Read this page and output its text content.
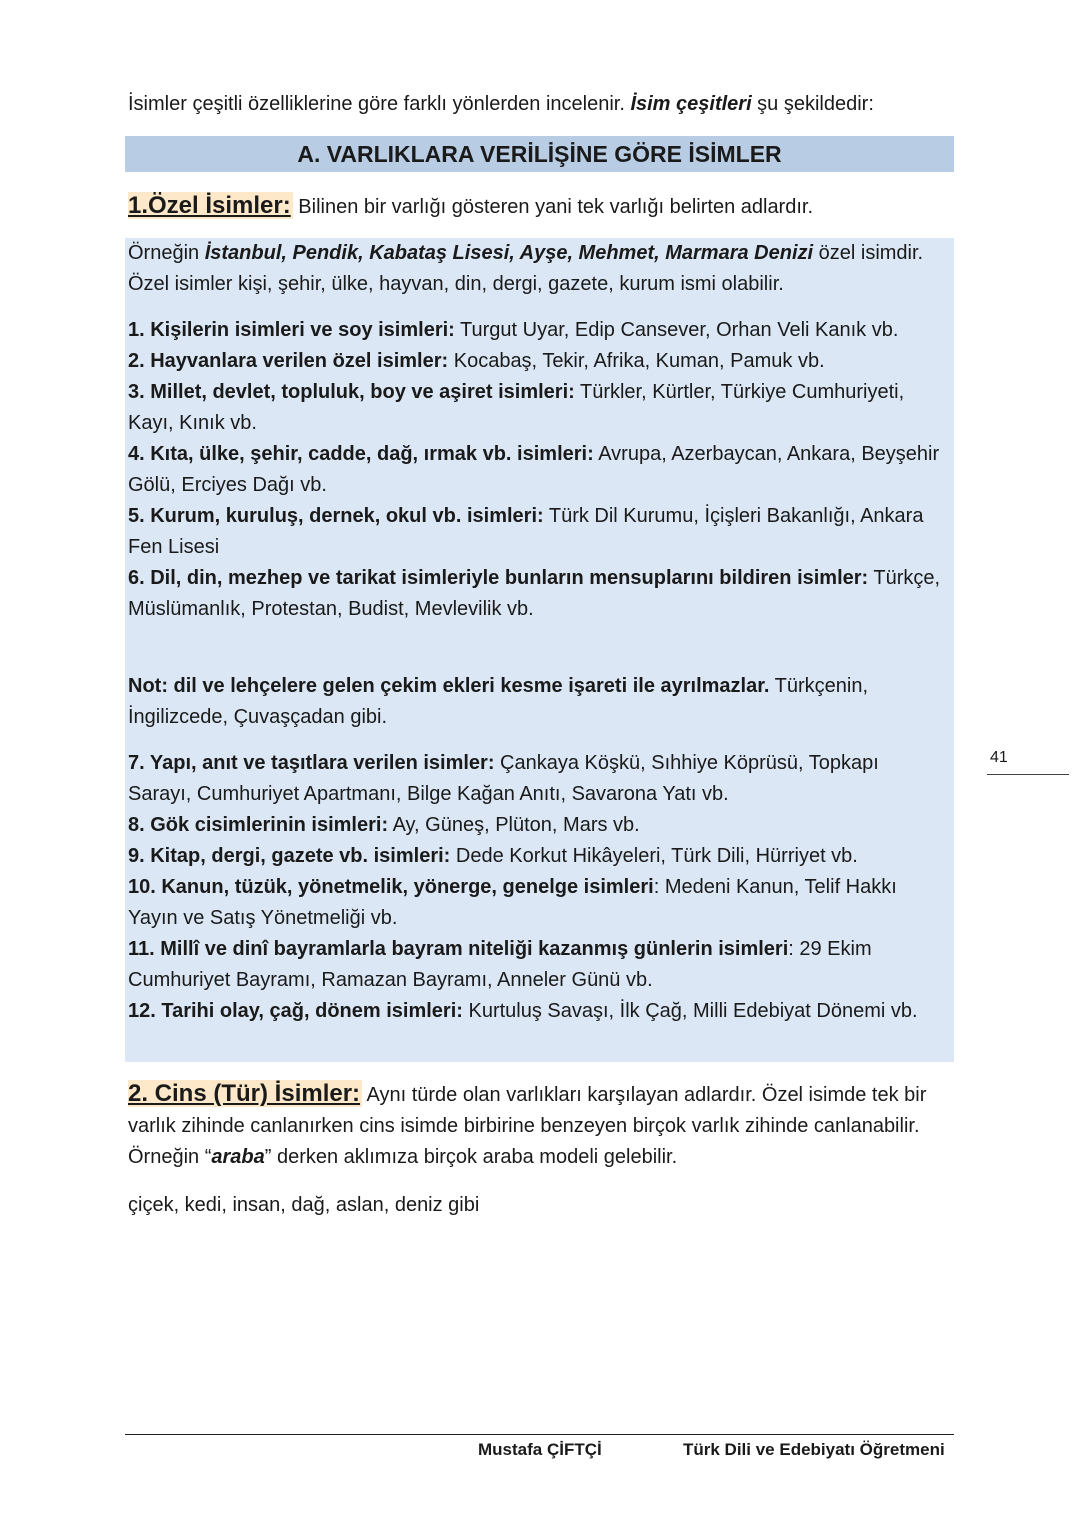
İsimler çeşitli özelliklerine göre farklı yönlerden incelenir. İsim çeşitleri şu şekildedir:
A. VARLIKLARA VERİLİŞİNE GÖRE İSİMLER
1.Özel İsimler: Bilinen bir varlığı gösteren yani tek varlığı belirten adlardır.

Örneğin İstanbul, Pendik, Kabataş Lisesi, Ayşe, Mehmet, Marmara Denizi özel isimdir. Özel isimler kişi, şehir, ülke, hayvan, din, dergi, gazete, kurum ismi olabilir.

1. Kişilerin isimleri ve soy isimleri: Turgut Uyar, Edip Cansever, Orhan Veli Kanık vb.

2. Hayvanlara verilen özel isimler: Kocabaş, Tekir, Afrika, Kuman, Pamuk vb.

3. Millet, devlet, topluluk, boy ve aşiret isimleri: Türkler, Kürtler, Türkiye Cumhuriyeti, Kayı, Kınık vb.

4. Kıta, ülke, şehir, cadde, dağ, ırmak vb. isimleri: Avrupa, Azerbaycan, Ankara, Beyşehir Gölü, Erciyes Dağı vb.

5. Kurum, kuruluş, dernek, okul vb. isimleri: Türk Dil Kurumu, İçişleri Bakanlığı, Ankara Fen Lisesi

6. Dil, din, mezhep ve tarikat isimleriyle bunların mensuplarını bildiren isimler: Türkçe, Müslümanlık, Protestan, Budist, Mevlevilik vb.

Not: dil ve lehçelere gelen çekim ekleri kesme işareti ile ayrılmazlar. Türkçenin, İngilizcede, Çuvaşçadan gibi.

7. Yapı, anıt ve taşıtlara verilen isimler: Çankaya Köşkü, Sıhhiye Köprüsü, Topkapı Sarayı, Cumhuriyet Apartmanı, Bilge Kağan Anıtı, Savarona Yatı vb.

8. Gök cisimlerinin isimleri: Ay, Güneş, Plüton, Mars vb.

9. Kitap, dergi, gazete vb. isimleri: Dede Korkut Hikâyeleri, Türk Dili, Hürriyet vb.

10. Kanun, tüzük, yönetmelik, yönerge, genelge isimleri: Medeni Kanun, Telif Hakkı Yayın ve Satış Yönetmeliği vb.

11. Millî ve dinî bayramlarla bayram niteliği kazanmış günlerin isimleri: 29 Ekim Cumhuriyet Bayramı, Ramazan Bayramı, Anneler Günü vb.

12. Tarihi olay, çağ, dönem isimleri: Kurtuluş Savaşı, İlk Çağ, Milli Edebiyat Dönemi vb.

2. Cins (Tür) İsimler: Aynı türde olan varlıkları karşılayan adlardır. Özel isimde tek bir varlık zihinde canlanırken cins isimde birbirine benzeyen birçok varlık zihinde canlanabilir. Örneğin “araba” derken aklımıza birçok araba modeli gelebilir.

çiçek, kedi, insan, dağ, aslan, deniz gibi
41
Mustafa ÇİFTÇİ	Türk Dili ve Edebiyatı Öğretmeni
